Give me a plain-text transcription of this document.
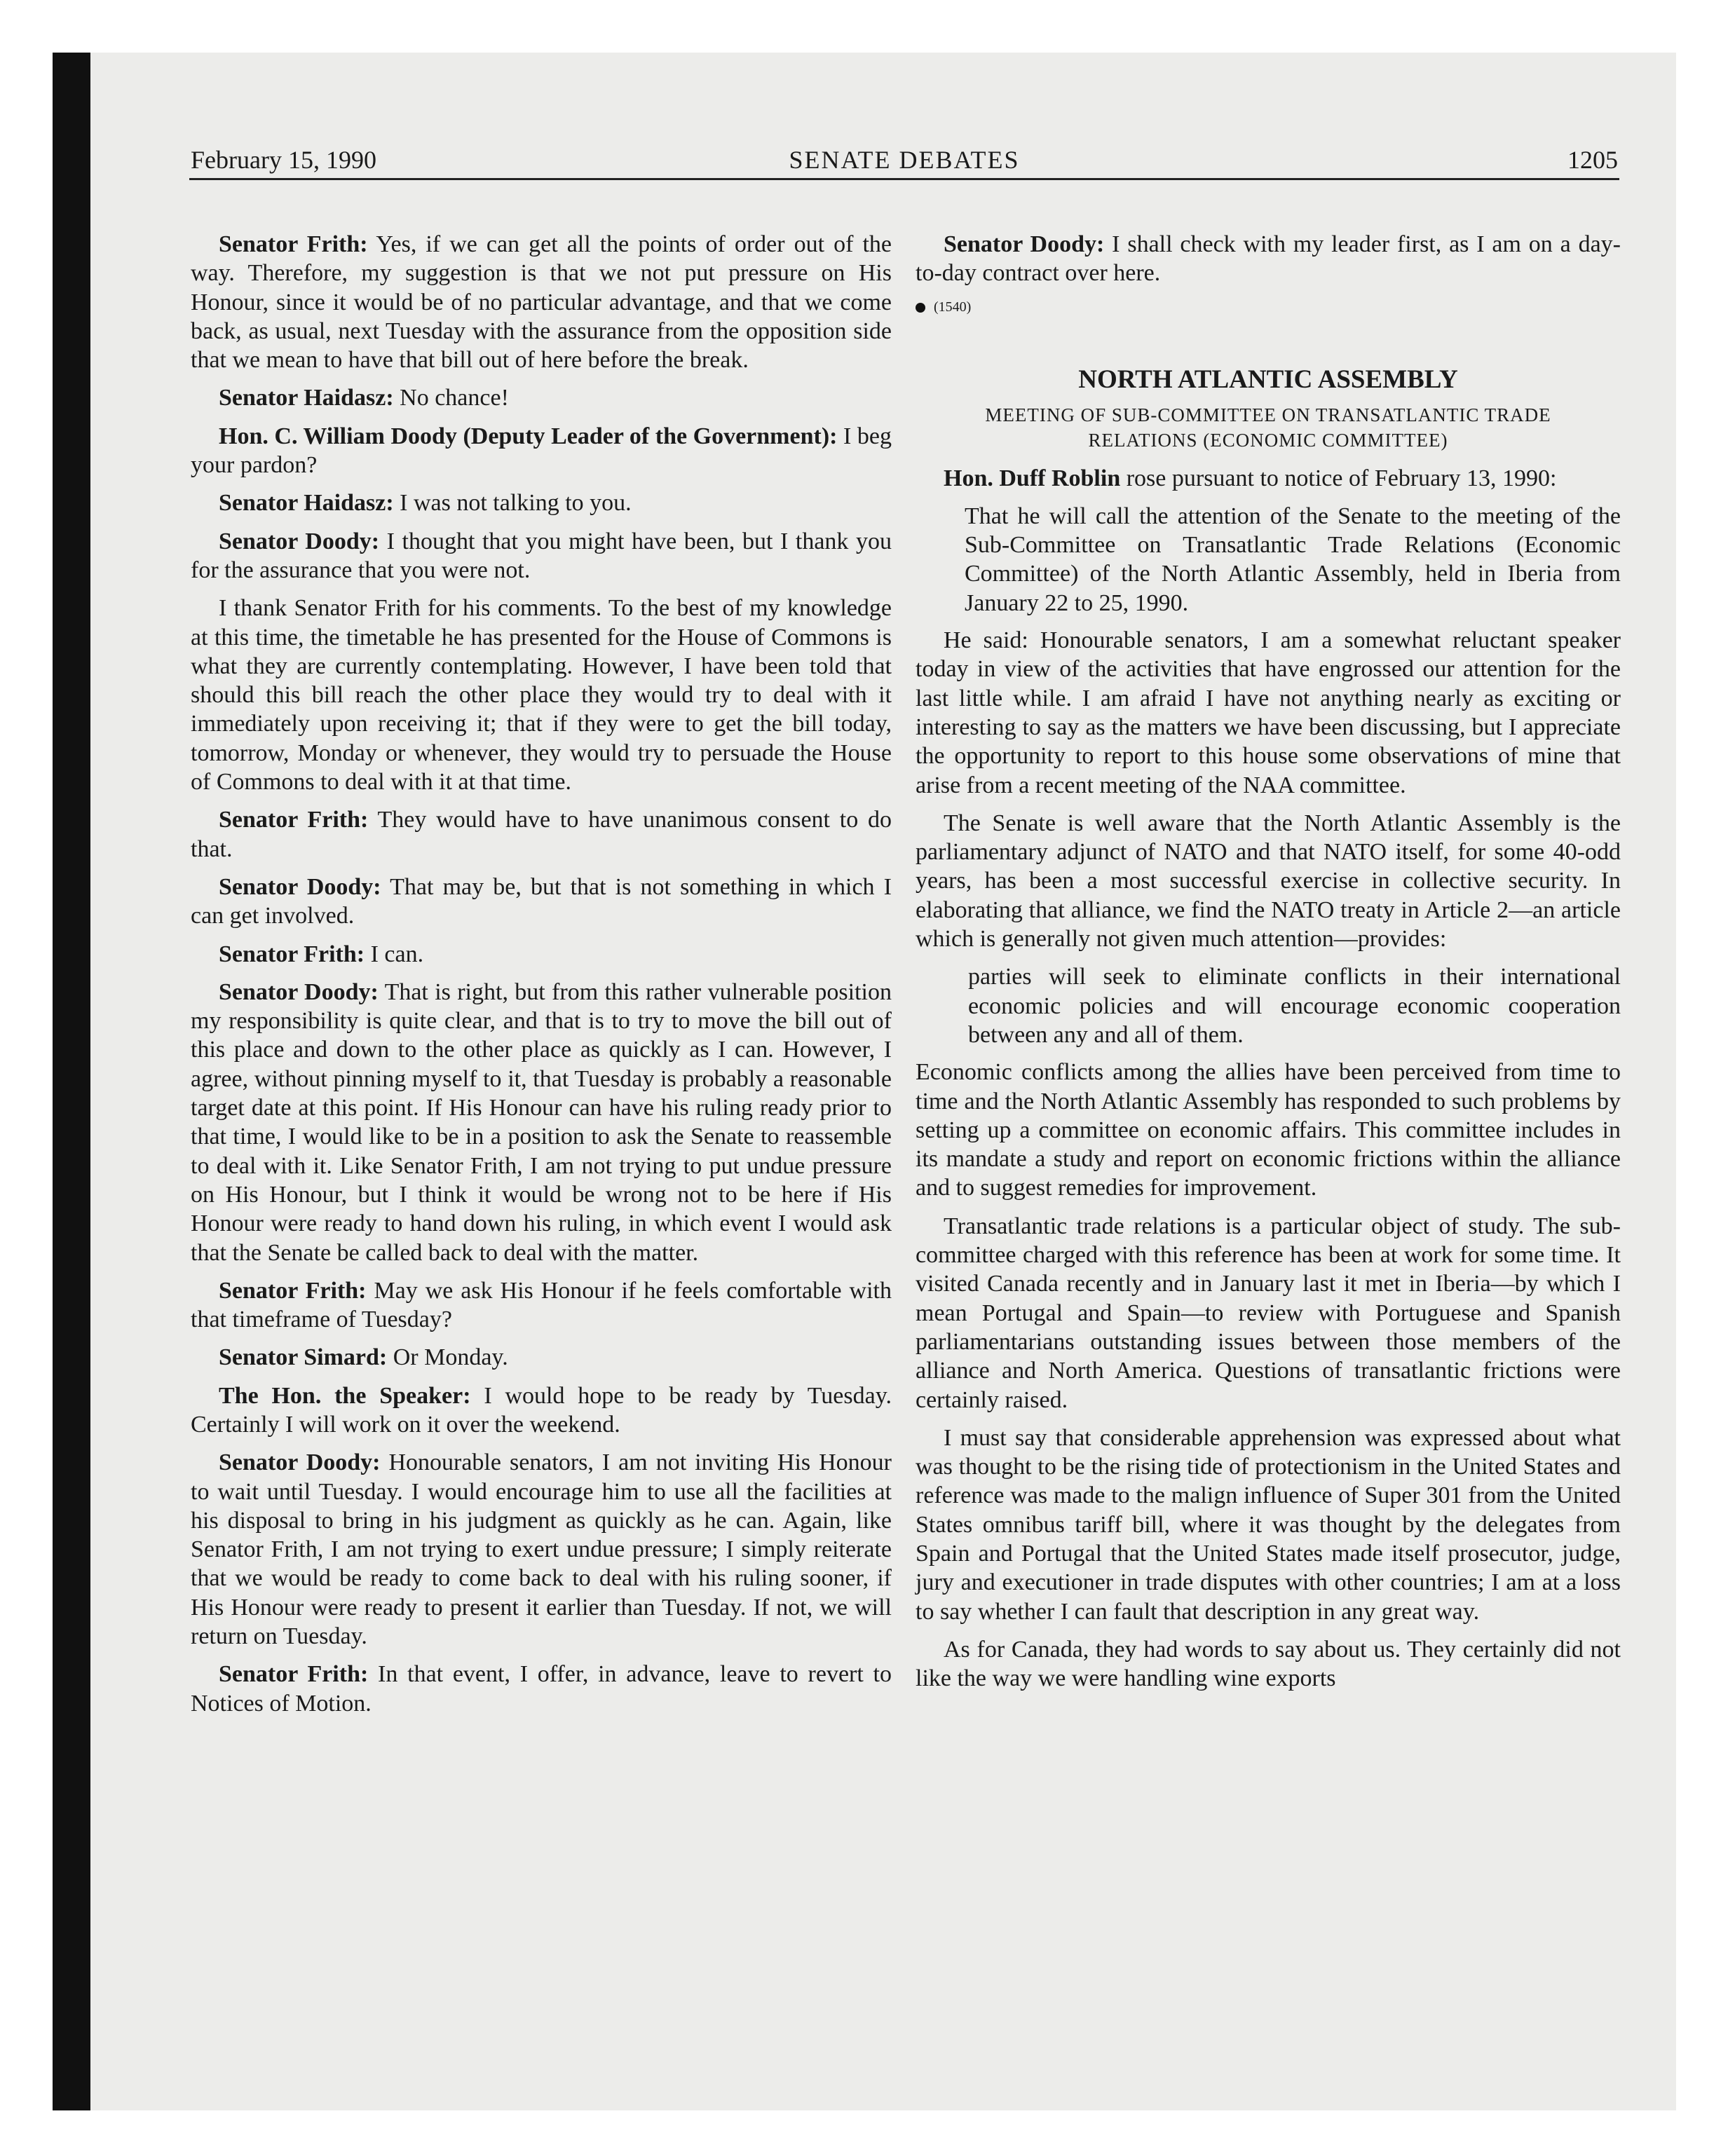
February 15, 1990	SENATE DEBATES	1205

Senator Frith: Yes, if we can get all the points of order out of the way. Therefore, my suggestion is that we not put pressure on His Honour, since it would be of no particular advantage, and that we come back, as usual, next Tuesday with the assurance from the opposition side that we mean to have that bill out of here before the break.

Senator Haidasz: No chance!

Hon. C. William Doody (Deputy Leader of the Government): I beg your pardon?

Senator Haidasz: I was not talking to you.

Senator Doody: I thought that you might have been, but I thank you for the assurance that you were not.

I thank Senator Frith for his comments. To the best of my knowledge at this time, the timetable he has presented for the House of Commons is what they are currently contemplating. However, I have been told that should this bill reach the other place they would try to deal with it immediately upon receiving it; that if they were to get the bill today, tomorrow, Monday or whenever, they would try to persuade the House of Commons to deal with it at that time.

Senator Frith: They would have to have unanimous consent to do that.

Senator Doody: That may be, but that is not something in which I can get involved.

Senator Frith: I can.

Senator Doody: That is right, but from this rather vulnerable position my responsibility is quite clear, and that is to try to move the bill out of this place and down to the other place as quickly as I can. However, I agree, without pinning myself to it, that Tuesday is probably a reasonable target date at this point. If His Honour can have his ruling ready prior to that time, I would like to be in a position to ask the Senate to reassemble to deal with it. Like Senator Frith, I am not trying to put undue pressure on His Honour, but I think it would be wrong not to be here if His Honour were ready to hand down his ruling, in which event I would ask that the Senate be called back to deal with the matter.

Senator Frith: May we ask His Honour if he feels comfortable with that timeframe of Tuesday?

Senator Simard: Or Monday.

The Hon. the Speaker: I would hope to be ready by Tuesday. Certainly I will work on it over the weekend.

Senator Doody: Honourable senators, I am not inviting His Honour to wait until Tuesday. I would encourage him to use all the facilities at his disposal to bring in his judgment as quickly as he can. Again, like Senator Frith, I am not trying to exert undue pressure; I simply reiterate that we would be ready to come back to deal with his ruling sooner, if His Honour were ready to present it earlier than Tuesday. If not, we will return on Tuesday.

Senator Frith: In that event, I offer, in advance, leave to revert to Notices of Motion.

Senator Doody: I shall check with my leader first, as I am on a day-to-day contract over here.

(1540)
NORTH ATLANTIC ASSEMBLY
MEETING OF SUB-COMMITTEE ON TRANSATLANTIC TRADE RELATIONS (ECONOMIC COMMITTEE)

Hon. Duff Roblin rose pursuant to notice of February 13, 1990:

That he will call the attention of the Senate to the meeting of the Sub-Committee on Transatlantic Trade Relations (Economic Committee) of the North Atlantic Assembly, held in Iberia from January 22 to 25, 1990.

He said: Honourable senators, I am a somewhat reluctant speaker today in view of the activities that have engrossed our attention for the last little while. I am afraid I have not anything nearly as exciting or interesting to say as the matters we have been discussing, but I appreciate the opportunity to report to this house some observations of mine that arise from a recent meeting of the NAA committee.

The Senate is well aware that the North Atlantic Assembly is the parliamentary adjunct of NATO and that NATO itself, for some 40-odd years, has been a most successful exercise in collective security. In elaborating that alliance, we find the NATO treaty in Article 2—an article which is generally not given much attention—provides:

parties will seek to eliminate conflicts in their international economic policies and will encourage economic cooperation between any and all of them.

Economic conflicts among the allies have been perceived from time to time and the North Atlantic Assembly has responded to such problems by setting up a committee on economic affairs. This committee includes in its mandate a study and report on economic frictions within the alliance and to suggest remedies for improvement.

Transatlantic trade relations is a particular object of study. The sub-committee charged with this reference has been at work for some time. It visited Canada recently and in January last it met in Iberia—by which I mean Portugal and Spain—to review with Portuguese and Spanish parliamentarians outstanding issues between those members of the alliance and North America. Questions of transatlantic frictions were certainly raised.

I must say that considerable apprehension was expressed about what was thought to be the rising tide of protectionism in the United States and reference was made to the malign influence of Super 301 from the United States omnibus tariff bill, where it was thought by the delegates from Spain and Portugal that the United States made itself prosecutor, judge, jury and executioner in trade disputes with other countries; I am at a loss to say whether I can fault that description in any great way.

As for Canada, they had words to say about us. They certainly did not like the way we were handling wine exports
